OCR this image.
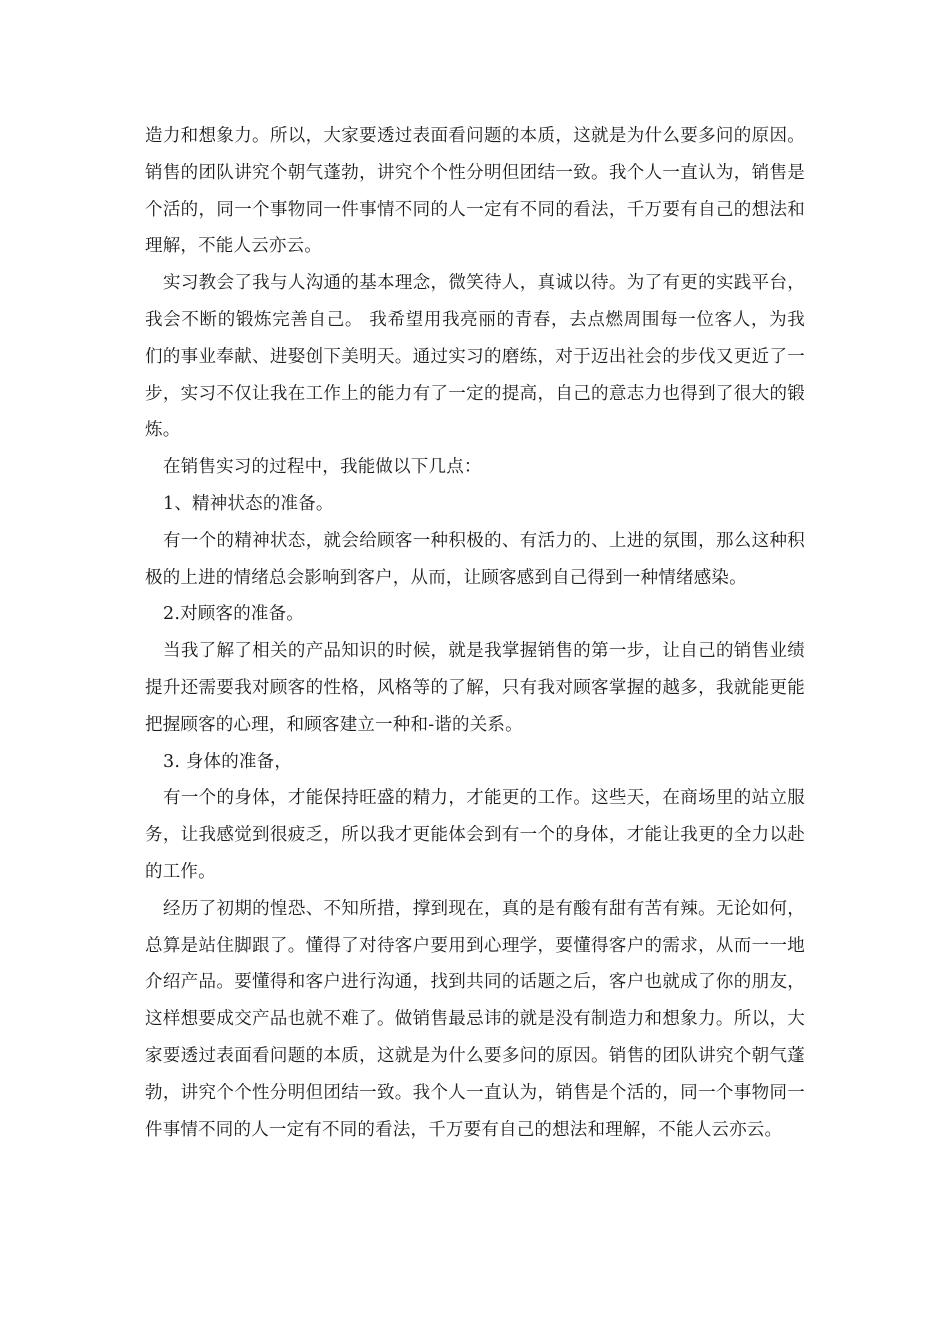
造力和想象力。所以，大家要透过表面看问题的本质，这就是为什么要多问的原因。销售的团队讲究个朝气蓬勃，讲究个个性分明但团结一致。我个人一直认为，销售是个活的，同一个事物同一件事情不同的人一定有不同的看法，千万要有自己的想法和理解，不能人云亦云。

实习教会了我与人沟通的基本理念，微笑待人，真诚以待。为了有更的实践平台，我会不断的锻炼完善自己。 我希望用我亮丽的青春，去点燃周围每一位客人，为我们的事业奉献、进娶创下美明天。通过实习的磨练，对于迈出社会的步伐又更近了一步，实习不仅让我在工作上的能力有了一定的提高，自己的意志力也得到了很大的锻炼。

在销售实习的过程中，我能做以下几点：

1、精神状态的准备。

有一个的精神状态，就会给顾客一种积极的、有活力的、上进的氛围，那么这种积极的上进的情绪总会影响到客户，从而，让顾客感到自己得到一种情绪感染。

2.对顾客的准备。

当我了解了相关的产品知识的时候，就是我掌握销售的第一步，让自己的销售业绩提升还需要我对顾客的性格，风格等的了解，只有我对顾客掌握的越多，我就能更能把握顾客的心理，和顾客建立一种和-谐的关系。

3. 身体的准备，

有一个的身体，才能保持旺盛的精力，才能更的工作。这些天，在商场里的站立服务，让我感觉到很疲乏，所以我才更能体会到有一个的身体，才能让我更的全力以赴的工作。

经历了初期的惶恐、不知所措，撑到现在，真的是有酸有甜有苦有辣。无论如何，总算是站住脚跟了。懂得了对待客户要用到心理学，要懂得客户的需求，从而一一地介绍产品。要懂得和客户进行沟通，找到共同的话题之后，客户也就成了你的朋友，这样想要成交产品也就不难了。做销售最忌讳的就是没有制造力和想象力。所以，大家要透过表面看问题的本质，这就是为什么要多问的原因。销售的团队讲究个朝气蓬勃，讲究个个性分明但团结一致。我个人一直认为，销售是个活的，同一个事物同一件事情不同的人一定有不同的看法，千万要有自己的想法和理解，不能人云亦云。
